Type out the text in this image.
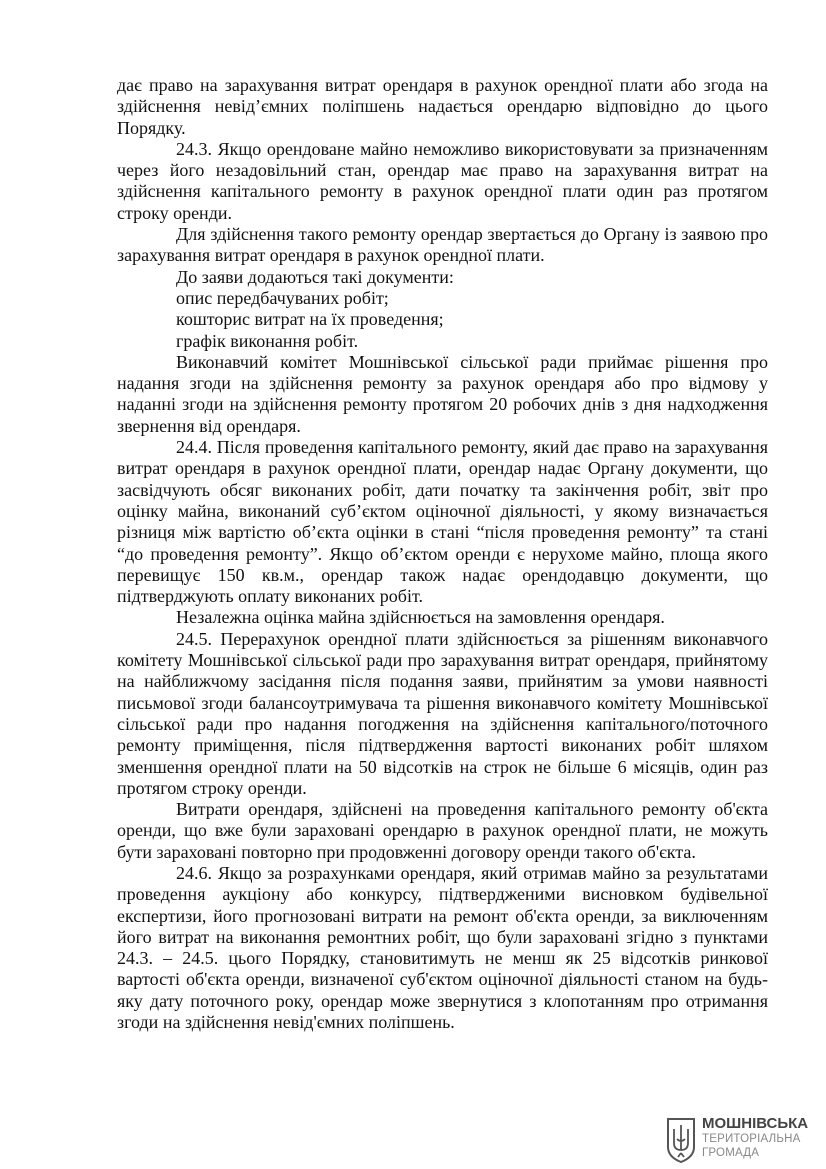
дає право на зарахування витрат орендаря в рахунок орендної плати або згода на здійснення невід’ємних поліпшень надається орендарю відповідно до цього Порядку.

24.3. Якщо орендоване майно неможливо використовувати за призначенням через його незадовільний стан, орендар має право на зарахування витрат на здійснення капітального ремонту в рахунок орендної плати один раз протягом строку оренди.

Для здійснення такого ремонту орендар звертається до Органу із заявою про зарахування витрат орендаря в рахунок орендної плати.

До заяви додаються такі документи:

опис передбачуваних робіт;

кошторис витрат на їх проведення;

графік виконання робіт.

Виконавчий комітет Мошнівської сільської ради приймає рішення про надання згоди на здійснення ремонту за рахунок орендаря або про відмову у наданні згоди на здійснення ремонту протягом 20 робочих днів з дня надходження звернення від орендаря.

24.4. Після проведення капітального ремонту, який дає право на зарахування витрат орендаря в рахунок орендної плати, орендар надає Органу документи, що засвідчують обсяг виконаних робіт, дати початку та закінчення робіт, звіт про оцінку майна, виконаний суб’єктом оціночної діяльності, у якому визначається різниця між вартістю об’єкта оцінки в стані “після проведення ремонту” та стані “до проведення ремонту”. Якщо об’єктом оренди є нерухоме майно, площа якого перевищує 150 кв.м., орендар також надає орендодавцю документи, що підтверджують оплату виконаних робіт.

Незалежна оцінка майна здійснюється на замовлення орендаря.

24.5. Перерахунок орендної плати здійснюється за рішенням виконавчого комітету Мошнівської сільської ради про зарахування витрат орендаря, прийнятому на найближчому засідання після подання заяви, прийнятим за умови наявності письмової згоди балансоутримувача та рішення виконавчого комітету Мошнівської сільської ради про надання погодження на здійснення капітального/поточного ремонту приміщення, після підтвердження вартості виконаних робіт шляхом зменшення орендної плати на 50 відсотків на строк не більше 6 місяців, один раз протягом строку оренди.

Витрати орендаря, здійснені на проведення капітального ремонту об'єкта оренди, що вже були зараховані орендарю в рахунок орендної плати, не можуть бути зараховані повторно при продовженні договору оренди такого об'єкта.

24.6. Якщо за розрахунками орендаря, який отримав майно за результатами проведення аукціону або конкурсу, підтвердженими висновком будівельної експертизи, його прогнозовані витрати на ремонт об'єкта оренди, за виключенням його витрат на виконання ремонтних робіт, що були зараховані згідно з пунктами 24.3. – 24.5. цього Порядку, становитимуть не менш як 25 відсотків ринкової вартості об'єкта оренди, визначеної суб'єктом оціночної діяльності станом на будь-яку дату поточного року, орендар може звернутися з клопотанням про отримання згоди на здійснення невід'ємних поліпшень.

МОШНІВСЬКА
ТЕРИТОРІАЛЬНА
ГРОМАДА
